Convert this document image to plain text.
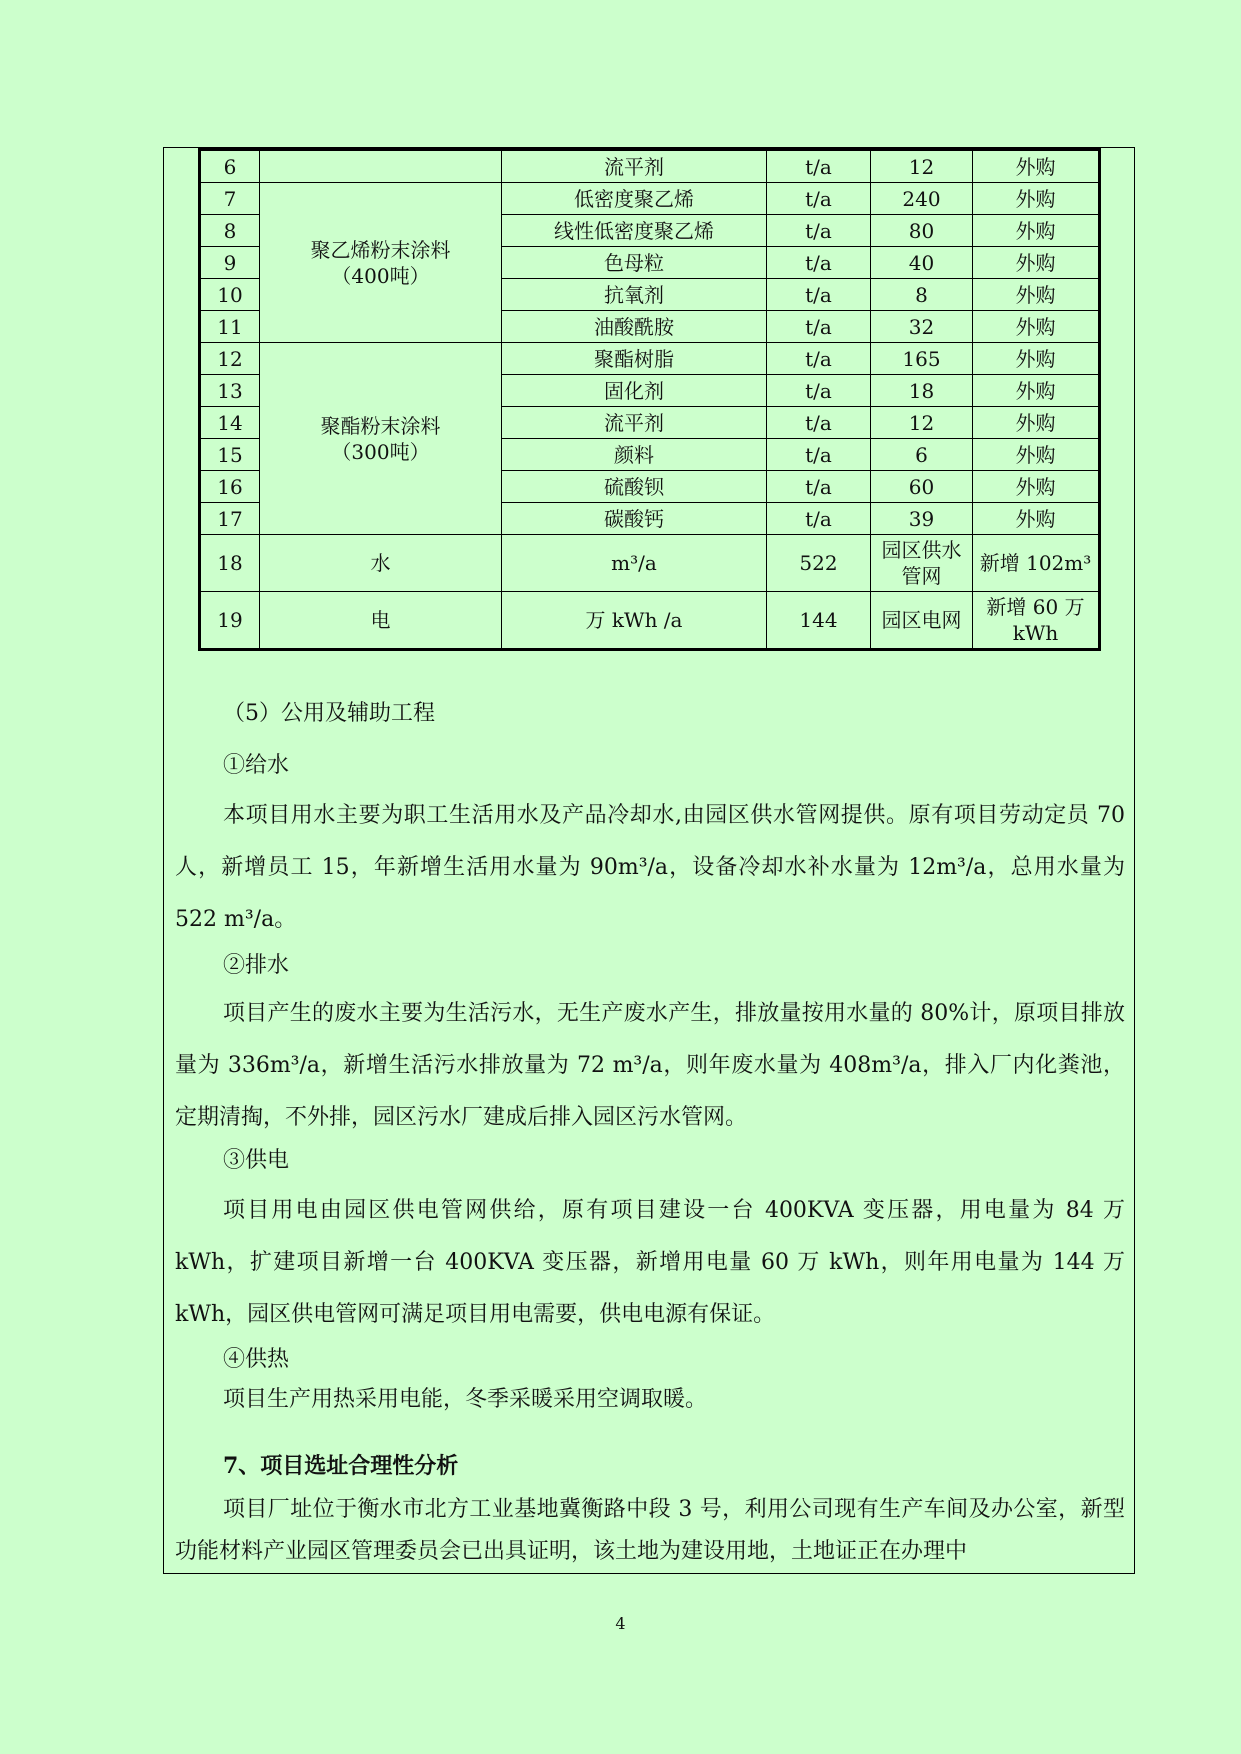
6		流平剂	t/a	12	外购
7	聚乙烯粉末涂料（400吨）	低密度聚乙烯	t/a	240	外购
8		线性低密度聚乙烯	t/a	80	外购
9		色母粒	t/a	40	外购
10		抗氧剂	t/a	8	外购
11		油酸酰胺	t/a	32	外购
12	聚酯粉末涂料（300吨）	聚酯树脂	t/a	165	外购
13		固化剂	t/a	18	外购
14		流平剂	t/a	12	外购
15		颜料	t/a	6	外购
16		硫酸钡	t/a	60	外购
17		碳酸钙	t/a	39	外购
18	水	m³/a	522	园区供水管网	新增 102m³
19	电	万 kWh /a	144	园区电网	新增 60 万 kWh

（5）公用及辅助工程

①给水

本项目用水主要为职工生活用水及产品冷却水,由园区供水管网提供。原有项目劳动定员 70 人，新增员工 15，年新增生活用水量为 90m³/a，设备冷却水补水量为 12m³/a，总用水量为 522 m³/a。

②排水

项目产生的废水主要为生活污水，无生产废水产生，排放量按用水量的 80%计，原项目排放量为 336m³/a，新增生活污水排放量为 72 m³/a，则年废水量为 408m³/a，排入厂内化粪池，定期清掏，不外排，园区污水厂建成后排入园区污水管网。

③供电

项目用电由园区供电管网供给，原有项目建设一台 400KVA 变压器，用电量为 84 万 kWh，扩建项目新增一台 400KVA 变压器，新增用电量 60 万 kWh，则年用电量为 144 万 kWh，园区供电管网可满足项目用电需要，供电电源有保证。

④供热

项目生产用热采用电能，冬季采暖采用空调取暖。

7、项目选址合理性分析

项目厂址位于衡水市北方工业基地冀衡路中段 3 号，利用公司现有生产车间及办公室，新型功能材料产业园区管理委员会已出具证明，该土地为建设用地，土地证正在办理中

4
